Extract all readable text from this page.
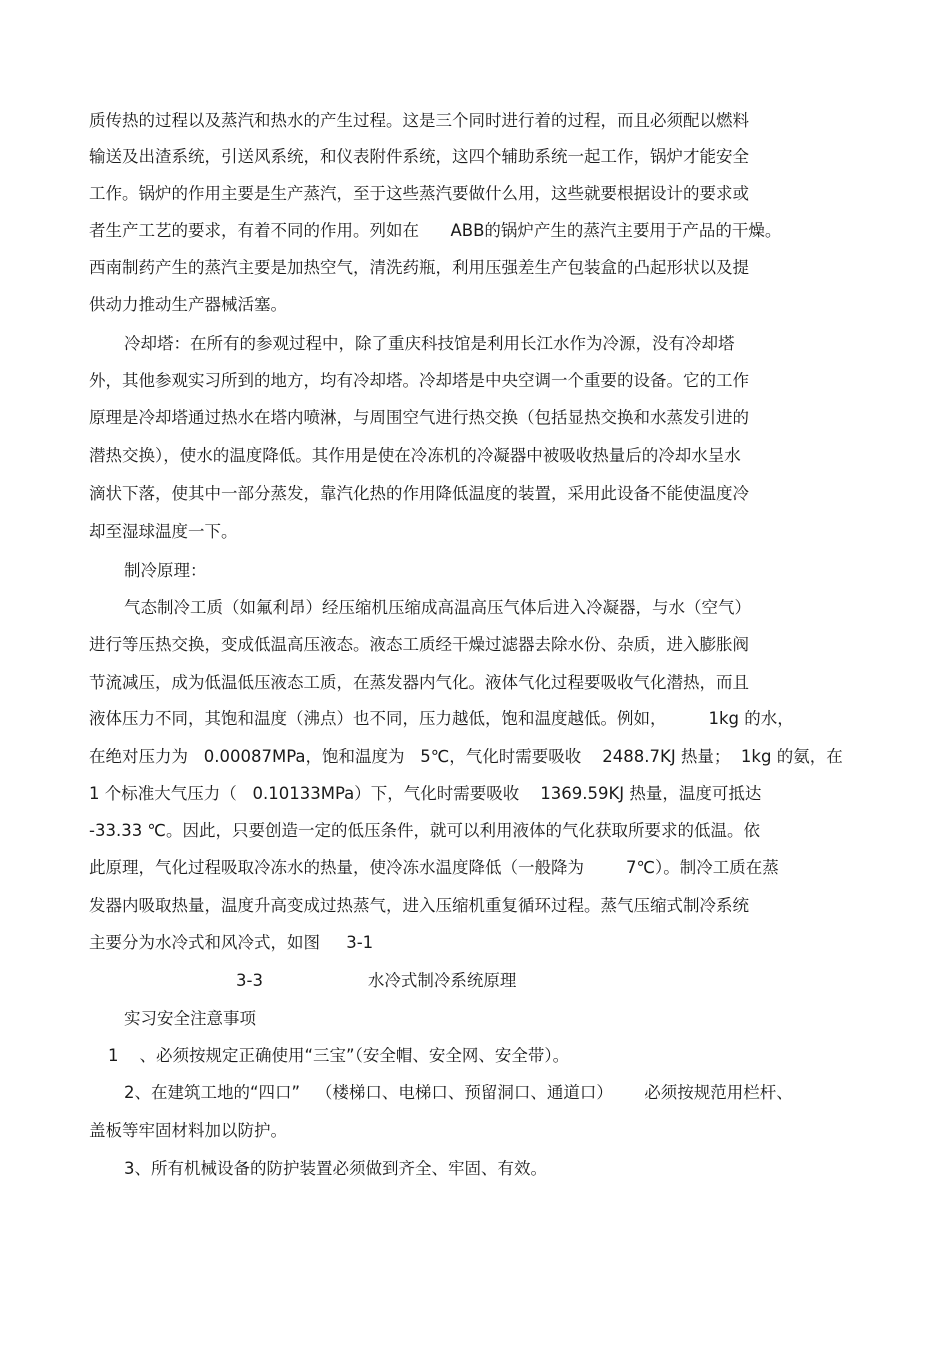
质传热的过程以及蒸汽和热水的产生过程。这是三个同时进行着的过程，而且必须配以燃料
输送及出渣系统，引送风系统，和仪表附件系统，这四个辅助系统一起工作，锅炉才能安全
工作。锅炉的作用主要是生产蒸汽，至于这些蒸汽要做什么用，这些就要根据设计的要求或
者生产工艺的要求，有着不同的作用。列如在      ABB的锅炉产生的蒸汽主要用于产品的干燥。
西南制药产生的蒸汽主要是加热空气，清洗药瓶，利用压强差生产包装盒的凸起形状以及提
供动力推动生产器械活塞。
冷却塔：在所有的参观过程中，除了重庆科技馆是利用长江水作为冷源，没有冷却塔
外，其他参观实习所到的地方，均有冷却塔。冷却塔是中央空调一个重要的设备。它的工作
原理是冷却塔通过热水在塔内喷淋，与周围空气进行热交换（包括显热交换和水蒸发引进的
潜热交换），使水的温度降低。其作用是使在冷冻机的冷凝器中被吸收热量后的冷却水呈水
滴状下落，使其中一部分蒸发，靠汽化热的作用降低温度的装置，采用此设备不能使温度冷
却至湿球温度一下。
制冷原理：
气态制冷工质（如氟利昂）经压缩机压缩成高温高压气体后进入冷凝器，与水（空气）
进行等压热交换，变成低温高压液态。液态工质经干燥过滤器去除水份、杂质，进入膨胀阀
节流减压，成为低温低压液态工质，在蒸发器内气化。液体气化过程要吸收气化潜热，而且
液体压力不同，其饱和温度（沸点）也不同，压力越低，饱和温度越低。例如，        1kg 的水，
在绝对压力为   0.00087MPa，饱和温度为   5℃，气化时需要吸收    2488.7KJ 热量；  1kg 的氨，在
1 个标准大气压力（   0.10133MPa）下，气化时需要吸收    1369.59KJ 热量，温度可抵达
-33.33 ℃。因此，只要创造一定的低压条件，就可以利用液体的气化获取所要求的低温。依
此原理，气化过程吸取冷冻水的热量，使冷冻水温度降低（一般降为        7℃）。制冷工质在蒸
发器内吸取热量，温度升高变成过热蒸气，进入压缩机重复循环过程。蒸气压缩式制冷系统
主要分为水冷式和风冷式，如图     3-1
3-3                    水冷式制冷系统原理
实习安全注意事项
1    、必须按规定正确使用“三宝”（安全帽、安全网、安全带）。
2、在建筑工地的“四口”   （楼梯口、电梯口、预留洞口、通道口）      必须按规范用栏杆、
盖板等牢固材料加以防护。
3、所有机械设备的防护装置必须做到齐全、牢固、有效。
